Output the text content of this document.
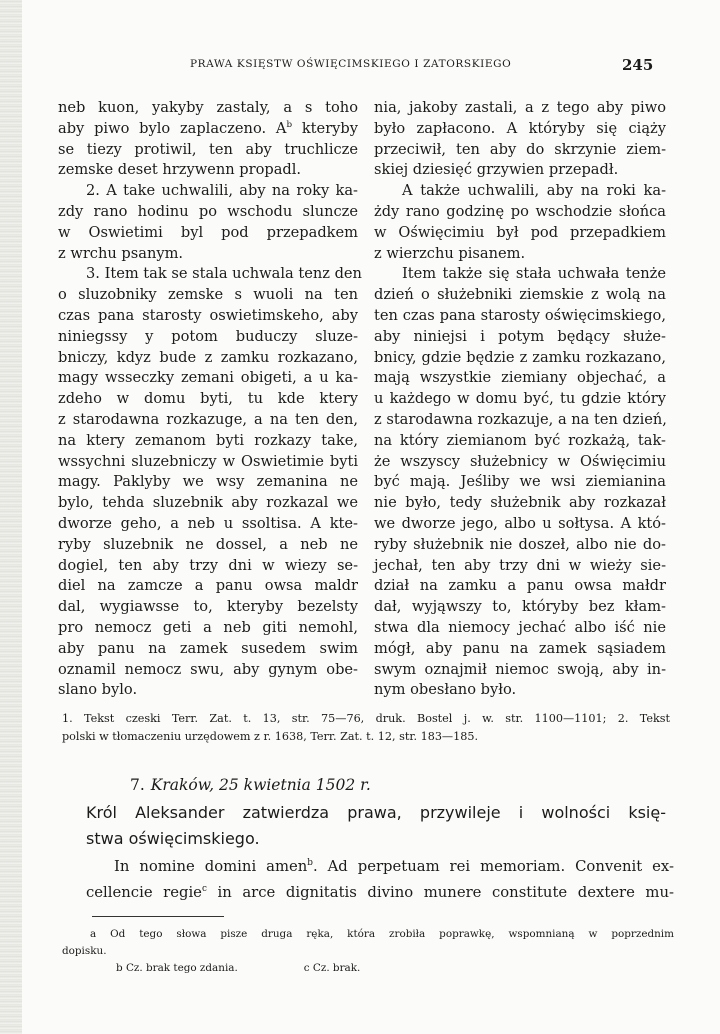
PRAWA KSIĘSTW OŚWIĘCIMSKIEGO I ZATORSKIEGO	245
neb kuon, yakyby zastaly, a s toho
aby piwo bylo zaplaczeno. $A^b$ kteryby
se tiezy protiwil, ten aby truchlicze
zemske deset hrzywenn propadl.
2. A take uchwalili, aby na roky ka-
zdy rano hodinu po wschodu sluncze
w Oswietimi byl pod przepadkem
z wrchu psanym.
3. Item tak se stala uchwala tenz den
o sluzobniky zemske s wuoli na ten
czas pana starosty oswietimskeho, aby
niniegssy y potom buduczy sluze-
bniczy, kdyz bude z zamku rozkazano,
magy wsseczky zemani obigeti, a u ka-
zdeho w domu byti, tu kde ktery
z starodawna rozkazuge, a na ten den,
na ktery zemanom byti rozkazy take,
wssychni sluzebniczy w Oswietimie byti
magy. Paklyby we wsy zemanina ne
bylo, tehda sluzebnik aby rozkazal we
dworze geho, a neb u ssoltisa. A kte-
ryby sluzebnik ne dossel, a neb ne
dogiel, ten aby trzy dni w wiezy se-
diel na zamcze a panu owsa maldr
dal, wygiawsse to, kteryby bezelsty
pro nemocz geti a neb giti nemohl,
aby panu na zamek susedem swim
oznamil nemocz swu, aby gynym obe-
slano bylo.
nia, jakoby zastali, a z tego aby piwo
było zapłacono. A któryby się ciąży
przeciwił, ten aby do skrzynie ziem-
skiej dziesięć grzywien przepadł.
A także uchwalili, aby na roki ka-
żdy rano godzinę po wschodzie słońca
w Oświęcimiu był pod przepadkiem
z wierzchu pisanem.
Item także się stała uchwała tenże
dzień o służebniki ziemskie z wolą na
ten czas pana starosty oświęcimskiego,
aby niniejsi i potym będący służe-
bnicy, gdzie będzie z zamku rozkazano,
mają wszystkie ziemiany objechać, a
u każdego w domu być, tu gdzie który
z starodawna rozkazuje, a na ten dzień,
na który ziemianom być rozkażą, tak-
że wszyscy służebnicy w Oświęcimiu
być mają. Jeśliby we wsi ziemianina
nie było, tedy służebnik aby rozkazał
we dworze jego, albo u sołtysa. A któ-
ryby służebnik nie doszeł, albo nie do-
jechał, ten aby trzy dni w wieży sie-
dział na zamku a panu owsa małdr
dał, wyjąwszy to, któryby bez kłam-
stwa dla niemocy jechać albo iść nie
mógł, aby panu na zamek sąsiadem
swym oznajmił niemoc swoją, aby in-
nym obesłano było.
1. Tekst czeski Terr. Zat. t. 13, str. 75—76, druk. Bostel j. w. str. 1100—1101; 2. Tekst
polski w tłomaczeniu urzędowem z r. 1638, Terr. Zat. t. 12, str. 183—185.
7. Kraków, 25 kwietnia 1502 r.
Król Aleksander zatwierdza prawa, przywileje i wolności księ-
stwa oświęcimskiego.
In nomine domini amen$^b$. Ad perpetuam rei memoriam. Convenit ex-
cellencie regie$^c$ in arce dignitatis divino munere constitute dextere mu-
a Od tego słowa pisze druga ręka, która zrobiła poprawkę, wspomnianą w poprzednim
dopisku.
b Cz. brak tego zdania.	c Cz. brak.
